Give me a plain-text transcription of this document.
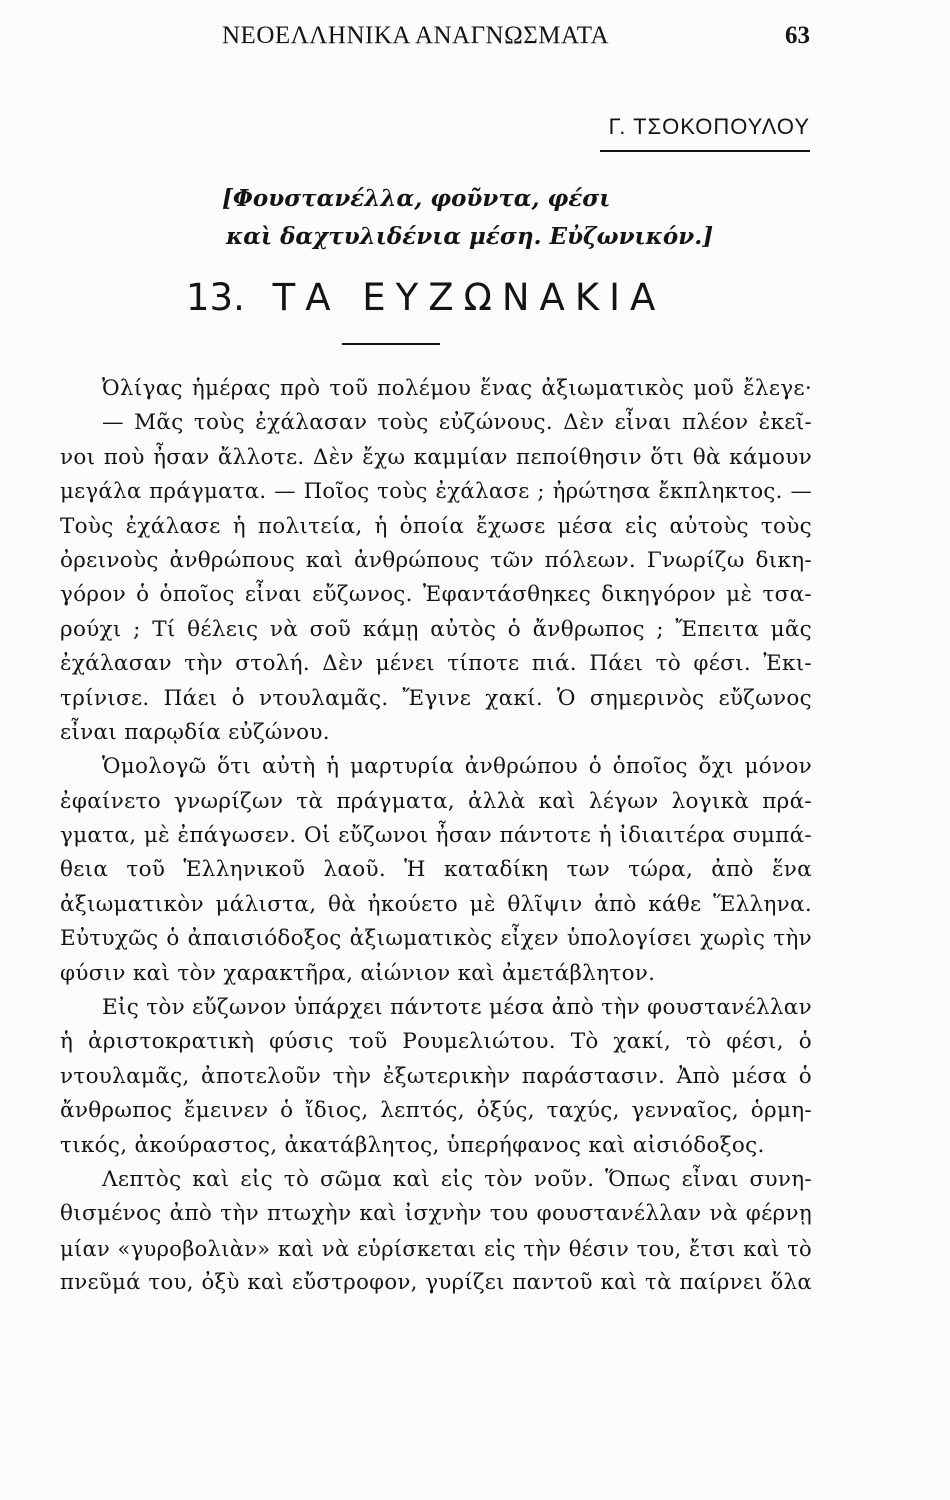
ΝΕΟΕΛΛΗΝΙΚΑ ΑΝΑΓΝΩΣΜΑΤΑ	63
Γ. ΤΣΟΚΟΠΟΥΛΟΥ
[Φουστανέλλα, φοῦντα, φέσι
καὶ δαχτυλιδένια μέση. Εὐζωνικόν.]
13. ΤΑ ΕΥΖΩΝΑΚΙΑ
Ὀλίγας ἡμέρας πρὸ τοῦ πολέμου ἕνας ἀξιωματικὸς μοῦ ἔλεγε·
— Μᾶς τοὺς ἐχάλασαν τοὺς εὐζώνους. Δὲν εἶναι πλέον ἐκεῖ-
νοι ποὺ ἦσαν ἄλλοτε. Δὲν ἔχω καμμίαν πεποίθησιν ὅτι θὰ κάμουν
μεγάλα πράγματα. — Ποῖος τοὺς ἐχάλασε ; ἠρώτησα ἔκπληκτος. —
Τοὺς ἐχάλασε ἡ πολιτεία, ἡ ὁποία ἔχωσε μέσα εἰς αὐτοὺς τοὺς
ὀρεινοὺς ἀνθρώπους καὶ ἀνθρώπους τῶν πόλεων. Γνωρίζω δικη-
γόρον ὁ ὁποῖος εἶναι εὔζωνος. Ἐφαντάσθηκες δικηγόρον μὲ τσα-
ρούχι ; Τί θέλεις νὰ σοῦ κάμῃ αὐτὸς ὁ ἄνθρωπος ; Ἔπειτα μᾶς
ἐχάλασαν τὴν στολή. Δὲν μένει τίποτε πιά. Πάει τὸ φέσι. Ἐκι-
τρίνισε. Πάει ὁ ντουλαμᾶς. Ἔγινε χακί. Ὁ σημερινὸς εὔζωνος
εἶναι παρῳδία εὐζώνου.
Ὁμολογῶ ὅτι αὐτὴ ἡ μαρτυρία ἀνθρώπου ὁ ὁποῖος ὄχι μόνον
ἐφαίνετο γνωρίζων τὰ πράγματα, ἀλλὰ καὶ λέγων λογικὰ πρά-
γματα, μὲ ἐπάγωσεν. Οἱ εὔζωνοι ἦσαν πάντοτε ἡ ἰδιαιτέρα συμπά-
θεια τοῦ Ἑλληνικοῦ λαοῦ. Ἡ καταδίκη των τώρα, ἀπὸ ἕνα
ἀξιωματικὸν μάλιστα, θὰ ἠκούετο μὲ θλῖψιν ἀπὸ κάθε Ἕλληνα.
Εὐτυχῶς ὁ ἀπαισιόδοξος ἀξιωματικὸς εἶχεν ὑπολογίσει χωρὶς τὴν
φύσιν καὶ τὸν χαρακτῆρα, αἰώνιον καὶ ἀμετάβλητον.
Εἰς τὸν εὔζωνον ὑπάρχει πάντοτε μέσα ἀπὸ τὴν φουστανέλλαν
ἡ ἀριστοκρατικὴ φύσις τοῦ Ρουμελιώτου. Τὸ χακί, τὸ φέσι, ὁ
ντουλαμᾶς, ἀποτελοῦν τὴν ἐξωτερικὴν παράστασιν. Ἀπὸ μέσα ὁ
ἄνθρωπος ἔμεινεν ὁ ἴδιος, λεπτός, ὀξύς, ταχύς, γενναῖος, ὁρμη-
τικός, ἀκούραστος, ἀκατάβλητος, ὑπερήφανος καὶ αἰσιόδοξος.
Λεπτὸς καὶ εἰς τὸ σῶμα καὶ εἰς τὸν νοῦν. Ὅπως εἶναι συνη-
θισμένος ἀπὸ τὴν πτωχὴν καὶ ἰσχνὴν του φουστανέλλαν νὰ φέρνῃ
μίαν «γυροβολιὰν» καὶ νὰ εὑρίσκεται εἰς τὴν θέσιν του, ἔτσι καὶ τὸ
πνεῦμά του, ὀξὺ καὶ εὔστροφον, γυρίζει παντοῦ καὶ τὰ παίρνει ὅλα
